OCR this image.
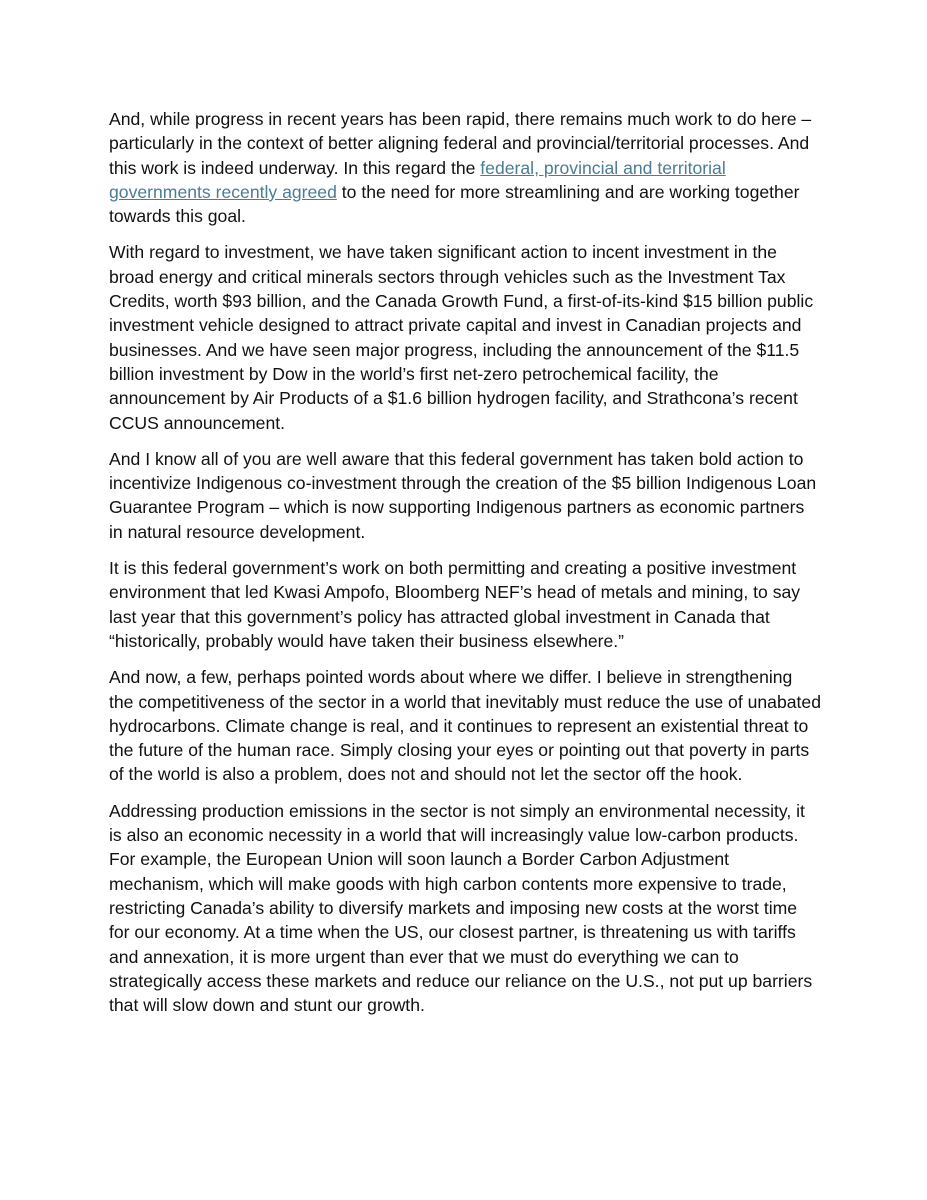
And, while progress in recent years has been rapid, there remains much work to do here – particularly in the context of better aligning federal and provincial/territorial processes. And this work is indeed underway. In this regard the federal, provincial and territorial governments recently agreed to the need for more streamlining and are working together towards this goal.

With regard to investment, we have taken significant action to incent investment in the broad energy and critical minerals sectors through vehicles such as the Investment Tax Credits, worth $93 billion, and the Canada Growth Fund, a first-of-its-kind $15 billion public investment vehicle designed to attract private capital and invest in Canadian projects and businesses. And we have seen major progress, including the announcement of the $11.5 billion investment by Dow in the world’s first net-zero petrochemical facility, the announcement by Air Products of a $1.6 billion hydrogen facility, and Strathcona’s recent CCUS announcement.

And I know all of you are well aware that this federal government has taken bold action to incentivize Indigenous co-investment through the creation of the $5 billion Indigenous Loan Guarantee Program – which is now supporting Indigenous partners as economic partners in natural resource development.

It is this federal government’s work on both permitting and creating a positive investment environment that led Kwasi Ampofo, Bloomberg NEF’s head of metals and mining, to say last year that this government’s policy has attracted global investment in Canada that “historically, probably would have taken their business elsewhere.”

And now, a few, perhaps pointed words about where we differ. I believe in strengthening the competitiveness of the sector in a world that inevitably must reduce the use of unabated hydrocarbons. Climate change is real, and it continues to represent an existential threat to the future of the human race. Simply closing your eyes or pointing out that poverty in parts of the world is also a problem, does not and should not let the sector off the hook.

Addressing production emissions in the sector is not simply an environmental necessity, it is also an economic necessity in a world that will increasingly value low-carbon products. For example, the European Union will soon launch a Border Carbon Adjustment mechanism, which will make goods with high carbon contents more expensive to trade, restricting Canada’s ability to diversify markets and imposing new costs at the worst time for our economy. At a time when the US, our closest partner, is threatening us with tariffs and annexation, it is more urgent than ever that we must do everything we can to strategically access these markets and reduce our reliance on the U.S., not put up barriers that will slow down and stunt our growth.
